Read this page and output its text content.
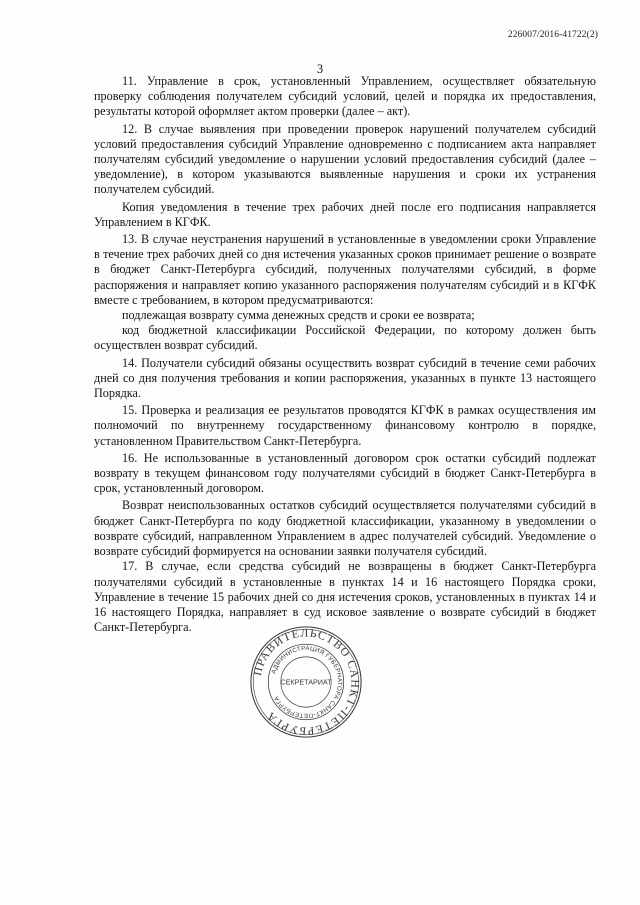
226007/2016-41722(2)
3

11. Управление в срок, установленный Управлением, осуществляет обязательную проверку соблюдения получателем субсидий условий, целей и порядка их предоставления, результаты которой оформляет актом проверки (далее – акт).

12. В случае выявления при проведении проверок нарушений получателем субсидий условий предоставления субсидий Управление одновременно с подписанием акта направляет получателям субсидий уведомление о нарушении условий предоставления субсидий (далее – уведомление), в котором указываются выявленные нарушения и сроки их устранения получателем субсидий.

Копия уведомления в течение трех рабочих дней после его подписания направляется Управлением в КГФК.

13. В случае неустранения нарушений в установленные в уведомлении сроки Управление в течение трех рабочих дней со дня истечения указанных сроков принимает решение о возврате в бюджет Санкт-Петербурга субсидий, полученных получателями субсидий, в форме распоряжения и направляет копию указанного распоряжения получателям субсидий и в КГФК вместе с требованием, в котором предусматриваются:

подлежащая возврату сумма денежных средств и сроки ее возврата;

код бюджетной классификации Российской Федерации, по которому должен быть осуществлен возврат субсидий.

14. Получатели субсидий обязаны осуществить возврат субсидий в течение семи рабочих дней со дня получения требования и копии распоряжения, указанных в пункте 13 настоящего Порядка.

15. Проверка и реализация ее результатов проводятся КГФК в рамках осуществления им полномочий по внутреннему государственному финансовому контролю в порядке, установленном Правительством Санкт-Петербурга.

16. Не использованные в установленный договором срок остатки субсидий подлежат возврату в текущем финансовом году получателями субсидий в бюджет Санкт-Петербурга в срок, установленный договором.

Возврат неиспользованных остатков субсидий осуществляется получателями субсидий в бюджет Санкт-Петербурга по коду бюджетной классификации, указанному в уведомлении о возврате субсидий, направленном Управлением в адрес получателей субсидий. Уведомление о возврате субсидий формируется на основании заявки получателя субсидий.

17. В случае, если средства субсидий не возвращены в бюджет Санкт-Петербурга получателями субсидий в установленные в пунктах 14 и 16 настоящего Порядка сроки, Управление в течение 15 рабочих дней со дня истечения сроков, установленных в пунктах 14 и 16 настоящего Порядка, направляет в суд исковое заявление о возврате субсидий в бюджет Санкт-Петербурга.

ПРАВИТЕЛЬСТВО САНКТ-ПЕТЕРБУРГА
АДМИНИСТРАЦИЯ ГУБЕРНАТОРА САНКТ-ПЕТЕРБУРГА
СЕКРЕТАРИАТ
